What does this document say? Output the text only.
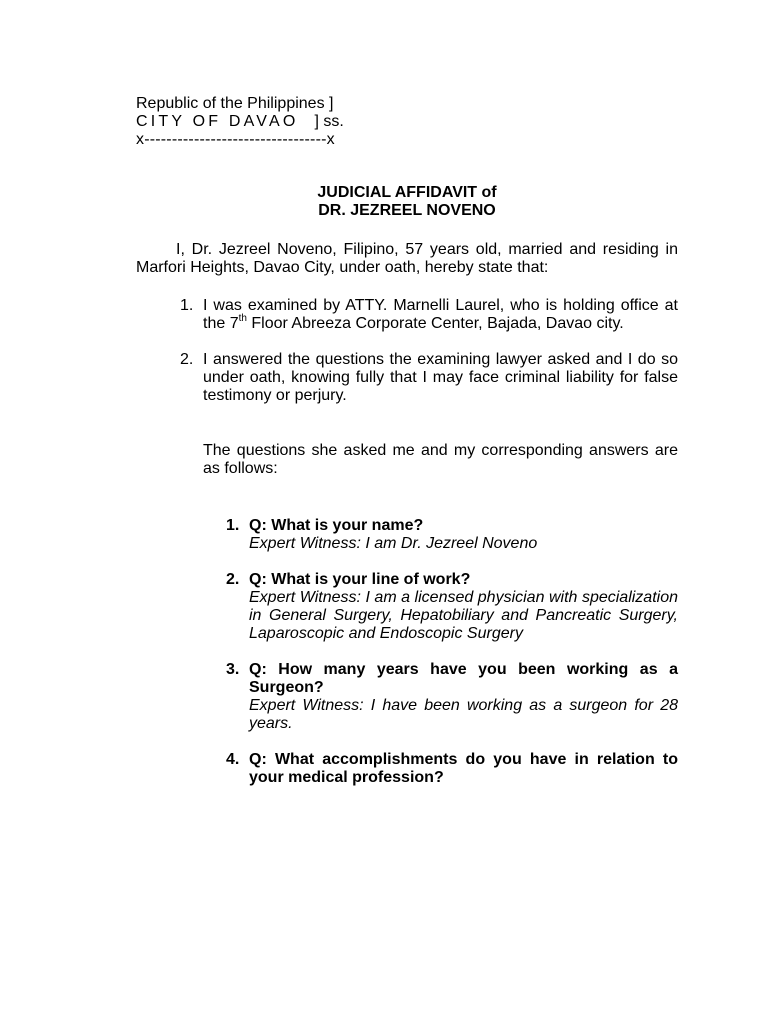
Republic of the Philippines ]
CITY OF DAVAO ] ss.
x---------------------------------x
JUDICIAL AFFIDAVIT of
DR. JEZREEL NOVENO
I, Dr. Jezreel Noveno, Filipino, 57 years old, married and residing in Marfori Heights, Davao City, under oath, hereby state that:
1. I was examined by ATTY. Marnelli Laurel, who is holding office at the 7th Floor Abreeza Corporate Center, Bajada, Davao city.
2. I answered the questions the examining lawyer asked and I do so under oath, knowing fully that I may face criminal liability for false testimony or perjury.
The questions she asked me and my corresponding answers are as follows:
1. Q: What is your name?
Expert Witness: I am Dr. Jezreel Noveno
2. Q: What is your line of work?
Expert Witness: I am a licensed physician with specialization in General Surgery, Hepatobiliary and Pancreatic Surgery, Laparoscopic and Endoscopic Surgery
3. Q: How many years have you been working as a Surgeon?
Expert Witness: I have been working as a surgeon for 28 years.
4. Q: What accomplishments do you have in relation to your medical profession?
